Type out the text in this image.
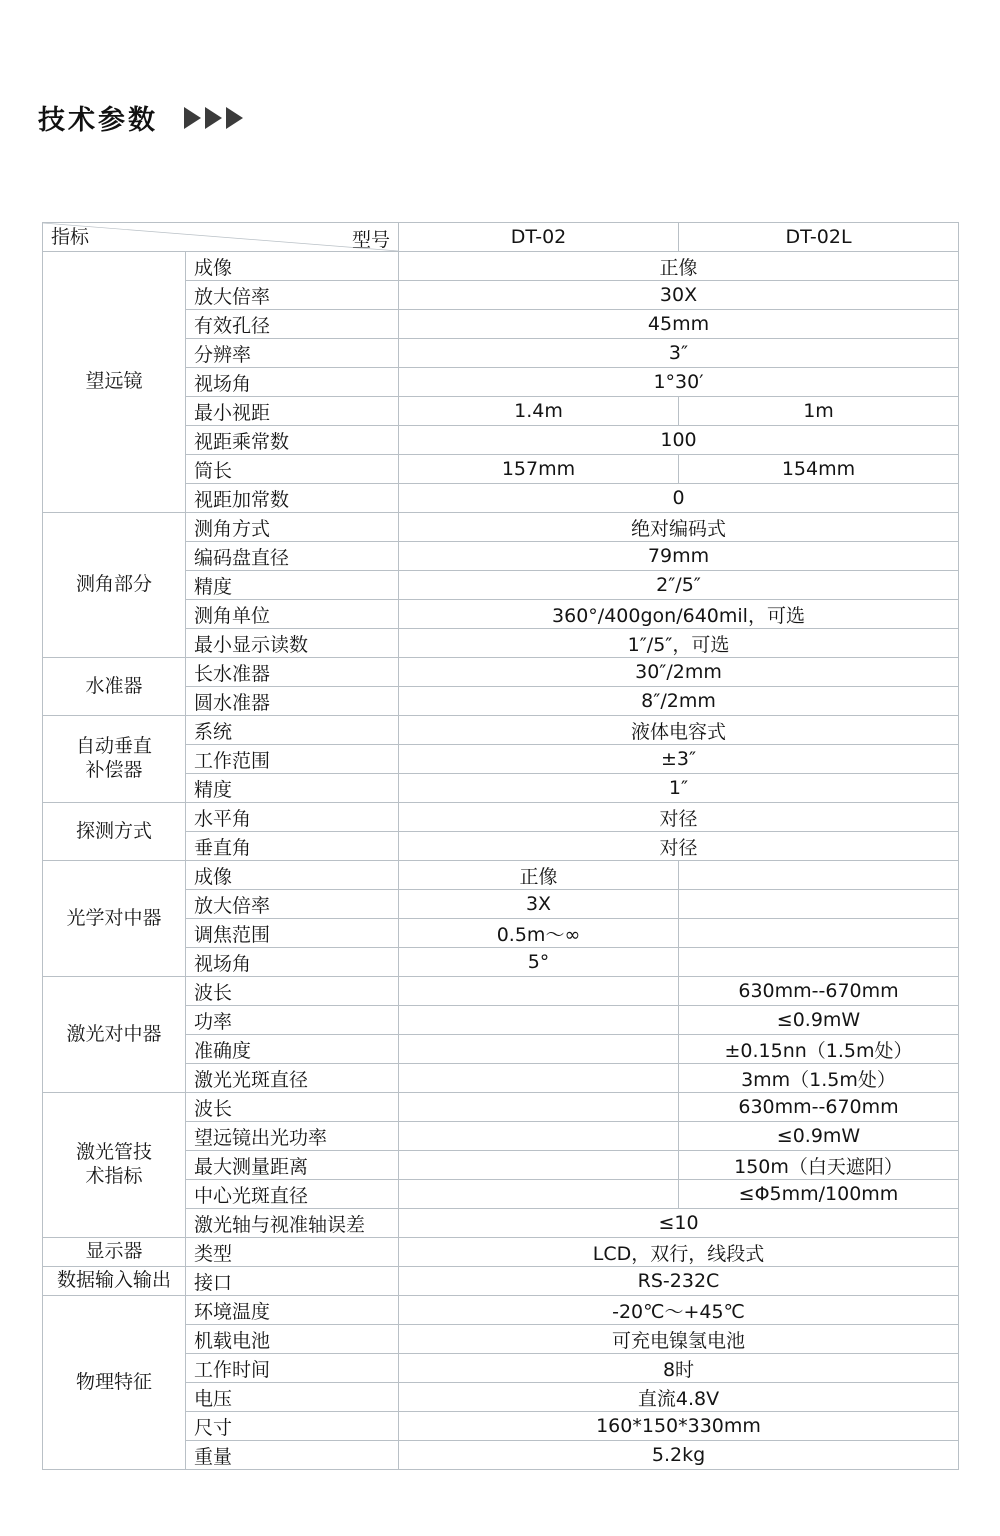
技术参数
指标 型号		DT-02	DT-02L
望远镜	成像	正像	
	放大倍率	30X	
	有效孔径	45mm	
	分辨率	3″	
	视场角	1°30′	
	最小视距	1.4m	1m
	视距乘常数	100	
	筒长	157mm	154mm
	视距加常数	0	
测角部分	测角方式	绝对编码式	
	编码盘直径	79mm	
	精度	2″/5″	
	测角单位	360°/400gon/640mil，可选	
	最小显示读数	1″/5″，可选	
水准器	长水准器	30″/2mm	
	圆水准器	8″/2mm	
自动垂直
补偿器	系统	液体电容式	
	工作范围	±3″	
	精度	1″	
探测方式	水平角	对径	
	垂直角	对径	
光学对中器	成像	正像	
	放大倍率	3X	
	调焦范围	0.5m～∞	
	视场角	5°	
激光对中器	波长		630mm--670mm
	功率		≤0.9mW
	准确度		±0.15nn（1.5m处）
	激光光斑直径		3mm（1.5m处）
激光管技
术指标	波长		630mm--670mm
	望远镜出光功率		≤0.9mW
	最大测量距离		150m（白天遮阳）
	中心光斑直径		≤Φ5mm/100mm
	激光轴与视准轴误差	≤10	
显示器	类型	LCD，双行，线段式	
数据输入输出	接口	RS-232C	
物理特征	环境温度	-20℃～+45℃	
	机载电池	可充电镍氢电池	
	工作时间	8时	
	电压	直流4.8V	
	尺寸	160*150*330mm	
	重量	5.2kg	
